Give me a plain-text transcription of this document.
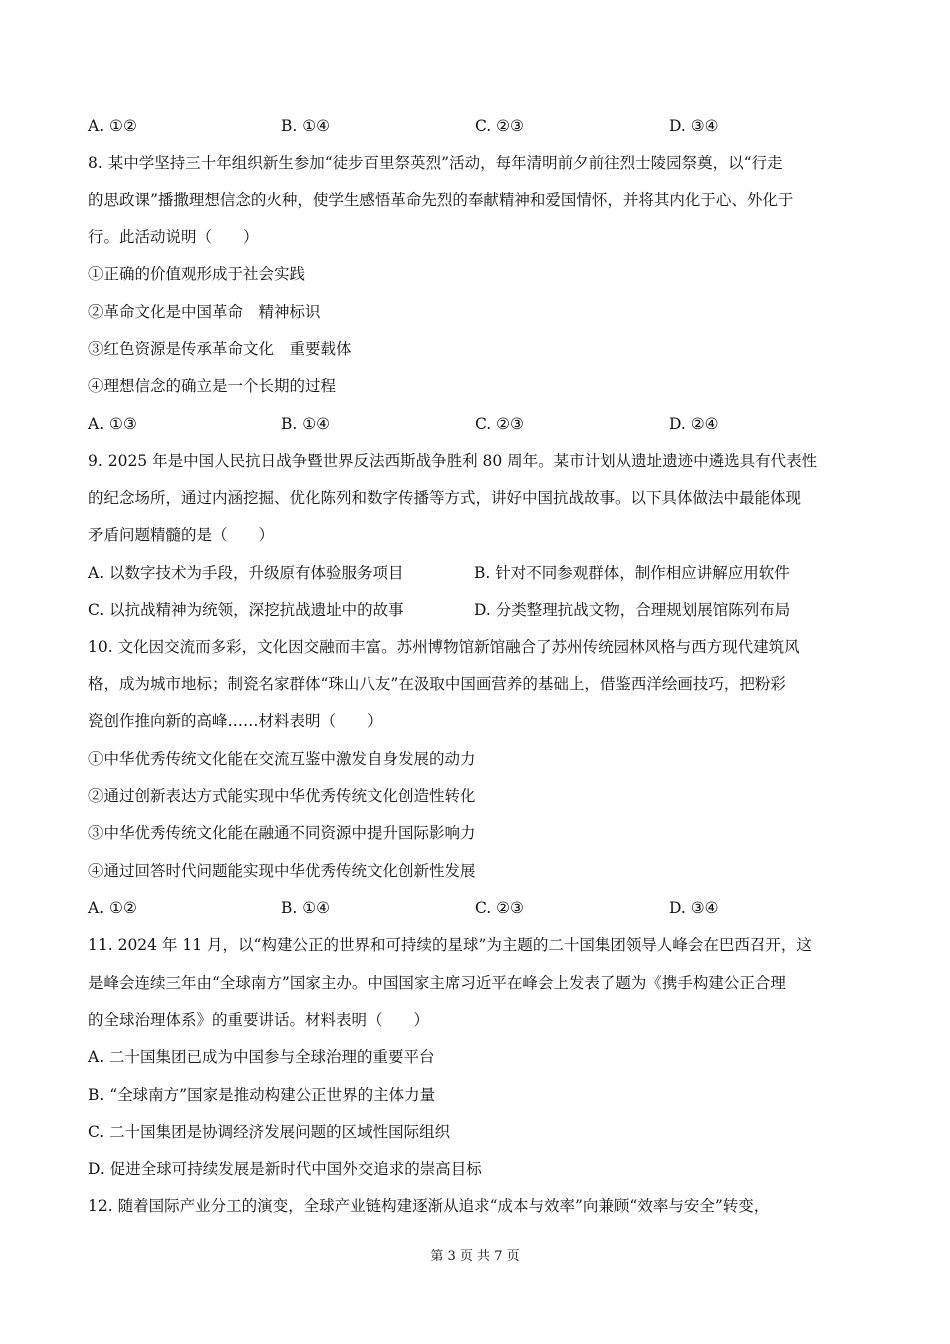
A. ①②	B. ①④	C. ②③	D. ③④
8. 某中学坚持三十年组织新生参加“徒步百里祭英烈”活动，每年清明前夕前往烈士陵园祭奠，以“行走
的思政课”播撒理想信念的火种，使学生感悟革命先烈的奉献精神和爱国情怀，并将其内化于心、外化于
行。此活动说明（　　）
①正确的价值观形成于社会实践
②革命文化是中国革命　精神标识
③红色资源是传承革命文化　重要载体
④理想信念的确立是一个长期的过程
A. ①③	B. ①④	C. ②③	D. ②④
9. 2025 年是中国人民抗日战争暨世界反法西斯战争胜利 80 周年。某市计划从遗址遗迹中遴选具有代表性
的纪念场所，通过内涵挖掘、优化陈列和数字传播等方式，讲好中国抗战故事。以下具体做法中最能体现
矛盾问题精髓的是（　　）
A. 以数字技术为手段，升级原有体验服务项目	B. 针对不同参观群体，制作相应讲解应用软件
C. 以抗战精神为统领，深挖抗战遗址中的故事	D. 分类整理抗战文物，合理规划展馆陈列布局
10. 文化因交流而多彩，文化因交融而丰富。苏州博物馆新馆融合了苏州传统园林风格与西方现代建筑风
格，成为城市地标；制瓷名家群体“珠山八友”在汲取中国画营养的基础上，借鉴西洋绘画技巧，把粉彩
瓷创作推向新的高峰……材料表明（　　）
①中华优秀传统文化能在交流互鉴中激发自身发展的动力
②通过创新表达方式能实现中华优秀传统文化创造性转化
③中华优秀传统文化能在融通不同资源中提升国际影响力
④通过回答时代问题能实现中华优秀传统文化创新性发展
A. ①②	B. ①④	C. ②③	D. ③④
11. 2024 年 11 月，以“构建公正的世界和可持续的星球”为主题的二十国集团领导人峰会在巴西召开，这
是峰会连续三年由“全球南方”国家主办。中国国家主席习近平在峰会上发表了题为《携手构建公正合理
的全球治理体系》的重要讲话。材料表明（　　）
A. 二十国集团已成为中国参与全球治理的重要平台
B. “全球南方”国家是推动构建公正世界的主体力量
C. 二十国集团是协调经济发展问题的区域性国际组织
D. 促进全球可持续发展是新时代中国外交追求的崇高目标
12. 随着国际产业分工的演变，全球产业链构建逐渐从追求“成本与效率”向兼顾“效率与安全”转变，
第 3 页 共 7 页
